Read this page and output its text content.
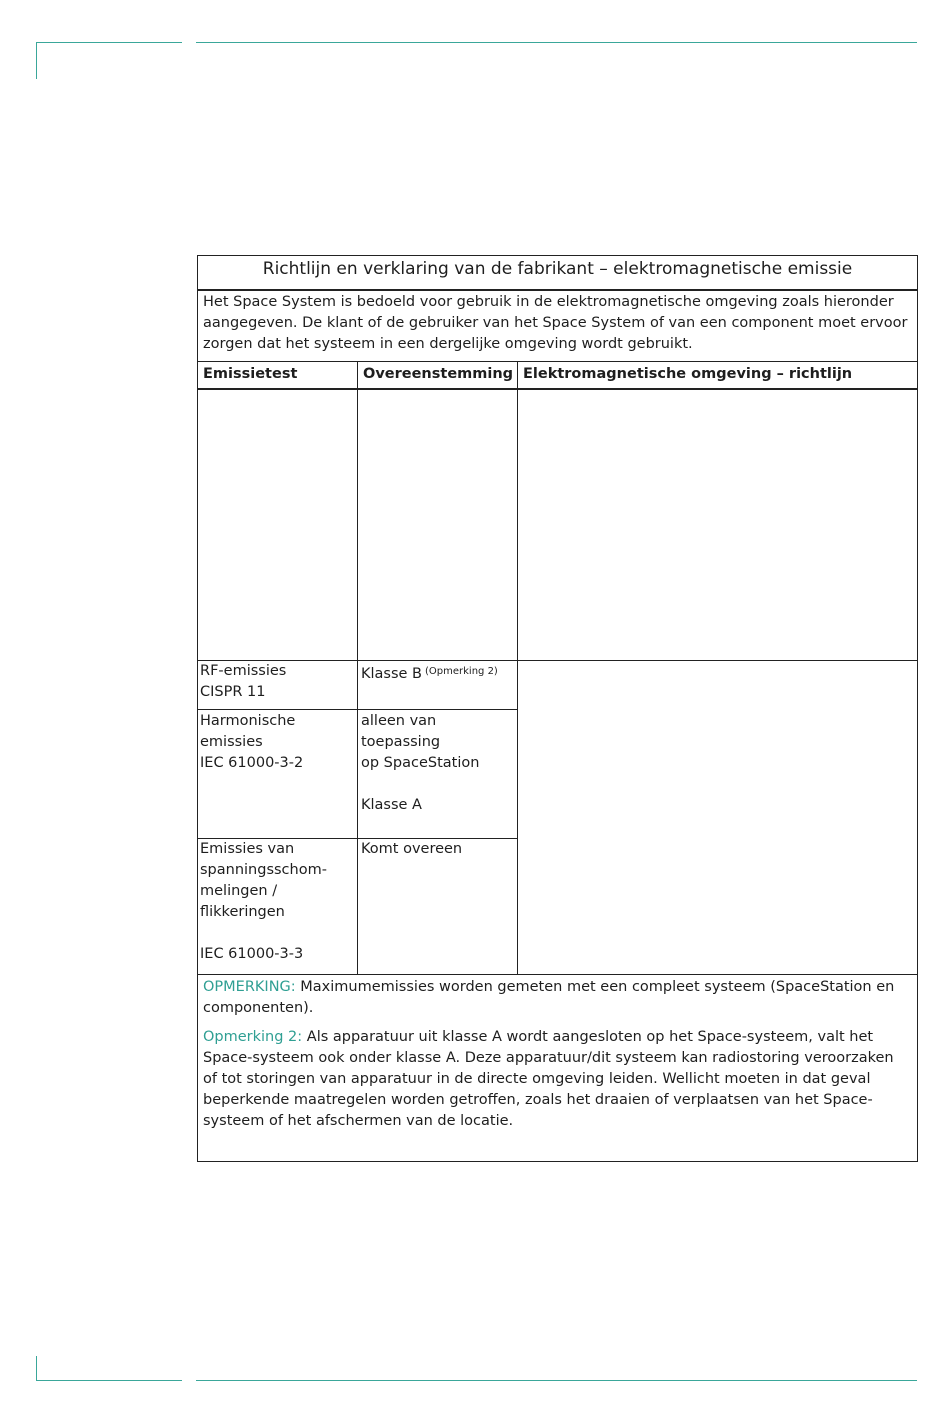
Richtlijn en verklaring van de fabrikant – elektromagnetische emissie
Het Space System is bedoeld voor gebruik in de elektromagnetische omgeving zoals hieronder aangegeven. De klant of de gebruiker van het Space System of van een component moet ervoor zorgen dat het systeem in een dergelijke omgeving wordt gebruikt.
Emissietest	Overeenstemming Elektromagnetische omgeving – richtlijn
RF-emissies
CISPR 11
Klasse B $^{(Opmerking 2)}$
Harmonische emissies
IEC 61000-3-2
alleen van toepassing
op SpaceStation
Klasse A
Emissies van
spanningsschom-
melingen /
flikkeringen
IEC 61000-3-3
Komt overeen

OPMERKING: Maximumemissies worden gemeten met een compleet systeem (SpaceStation en componenten).

Opmerking 2: Als apparatuur uit klasse A wordt aangesloten op het Space-systeem, valt het Space-systeem ook onder klasse A. Deze apparatuur/dit systeem kan radiostoring veroorzaken of tot storingen van apparatuur in de directe omgeving leiden. Wellicht moeten in dat geval beperkende maatregelen worden getroffen, zoals het draaien of verplaatsen van het Space-systeem of het afschermen van de locatie.
